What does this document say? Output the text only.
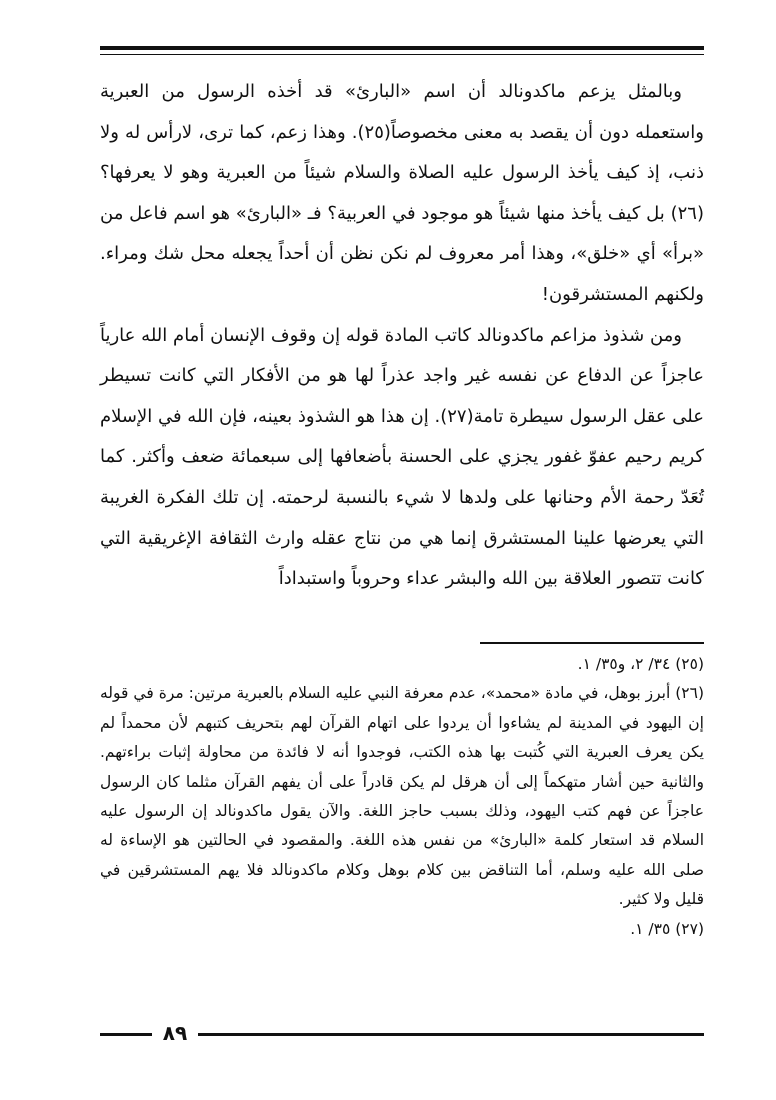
وبالمثل يزعم ماكدونالد أن اسم «البارئ» قد أخذه الرسول من العبرية واستعمله دون أن يقصد به معنى مخصوصاً(٢٥). وهذا زعم، كما ترى، لارأس له ولا ذنب، إذ كيف يأخذ الرسول عليه الصلاة والسلام شيئاً من العبرية وهو لا يعرفها؟(٢٦) بل كيف يأخذ منها شيئاً هو موجود في العربية؟ فـ «البارئ» هو اسم فاعل من «برأ» أي «خلق»، وهذا أمر معروف لم نكن نظن أن أحداً يجعله محل شك ومراء. ولكنهم المستشرقون!

ومن شذوذ مزاعم ماكدونالد كاتب المادة قوله إن وقوف الإنسان أمام الله عارياً عاجزاً عن الدفاع عن نفسه غير واجد عذراً لها هو من الأفكار التي كانت تسيطر على عقل الرسول سيطرة تامة(٢٧). إن هذا هو الشذوذ بعينه، فإن الله في الإسلام كريم رحيم عفوّ غفور يجزي على الحسنة بأضعافها إلى سبعمائة ضعف وأكثر. كما تُعَدّ رحمة الأم وحنانها على ولدها لا شيء بالنسبة لرحمته. إن تلك الفكرة الغريبة التي يعرضها علينا المستشرق إنما هي من نتاج عقله وارث الثقافة الإغريقية التي كانت تتصور العلاقة بين الله والبشر عداء وحروباً واستبداداً

(٢٥) ٣٤/ ٢، و٣٥/ ١.

(٢٦) أبرز بوهل، في مادة «محمد»، عدم معرفة النبي عليه السلام بالعبرية مرتين: مرة في قوله إن اليهود في المدينة لم يشاءوا أن يردوا على اتهام القرآن لهم بتحريف كتبهم لأن محمداً لم يكن يعرف العبرية التي كُتبت بها هذه الكتب، فوجدوا أنه لا فائدة من محاولة إثبات براءتهم. والثانية حين أشار متهكماً إلى أن هرقل لم يكن قادراً على أن يفهم القرآن مثلما كان الرسول عاجزاً عن فهم كتب اليهود، وذلك بسبب حاجز اللغة. والآن يقول ماكدونالد إن الرسول عليه السلام قد استعار كلمة «البارئ» من نفس هذه اللغة. والمقصود في الحالتين هو الإساءة له صلى الله عليه وسلم، أما التناقض بين كلام بوهل وكلام ماكدونالد فلا يهم المستشرقين في قليل ولا كثير.

(٢٧) ٣٥/ ١.

٨٩
